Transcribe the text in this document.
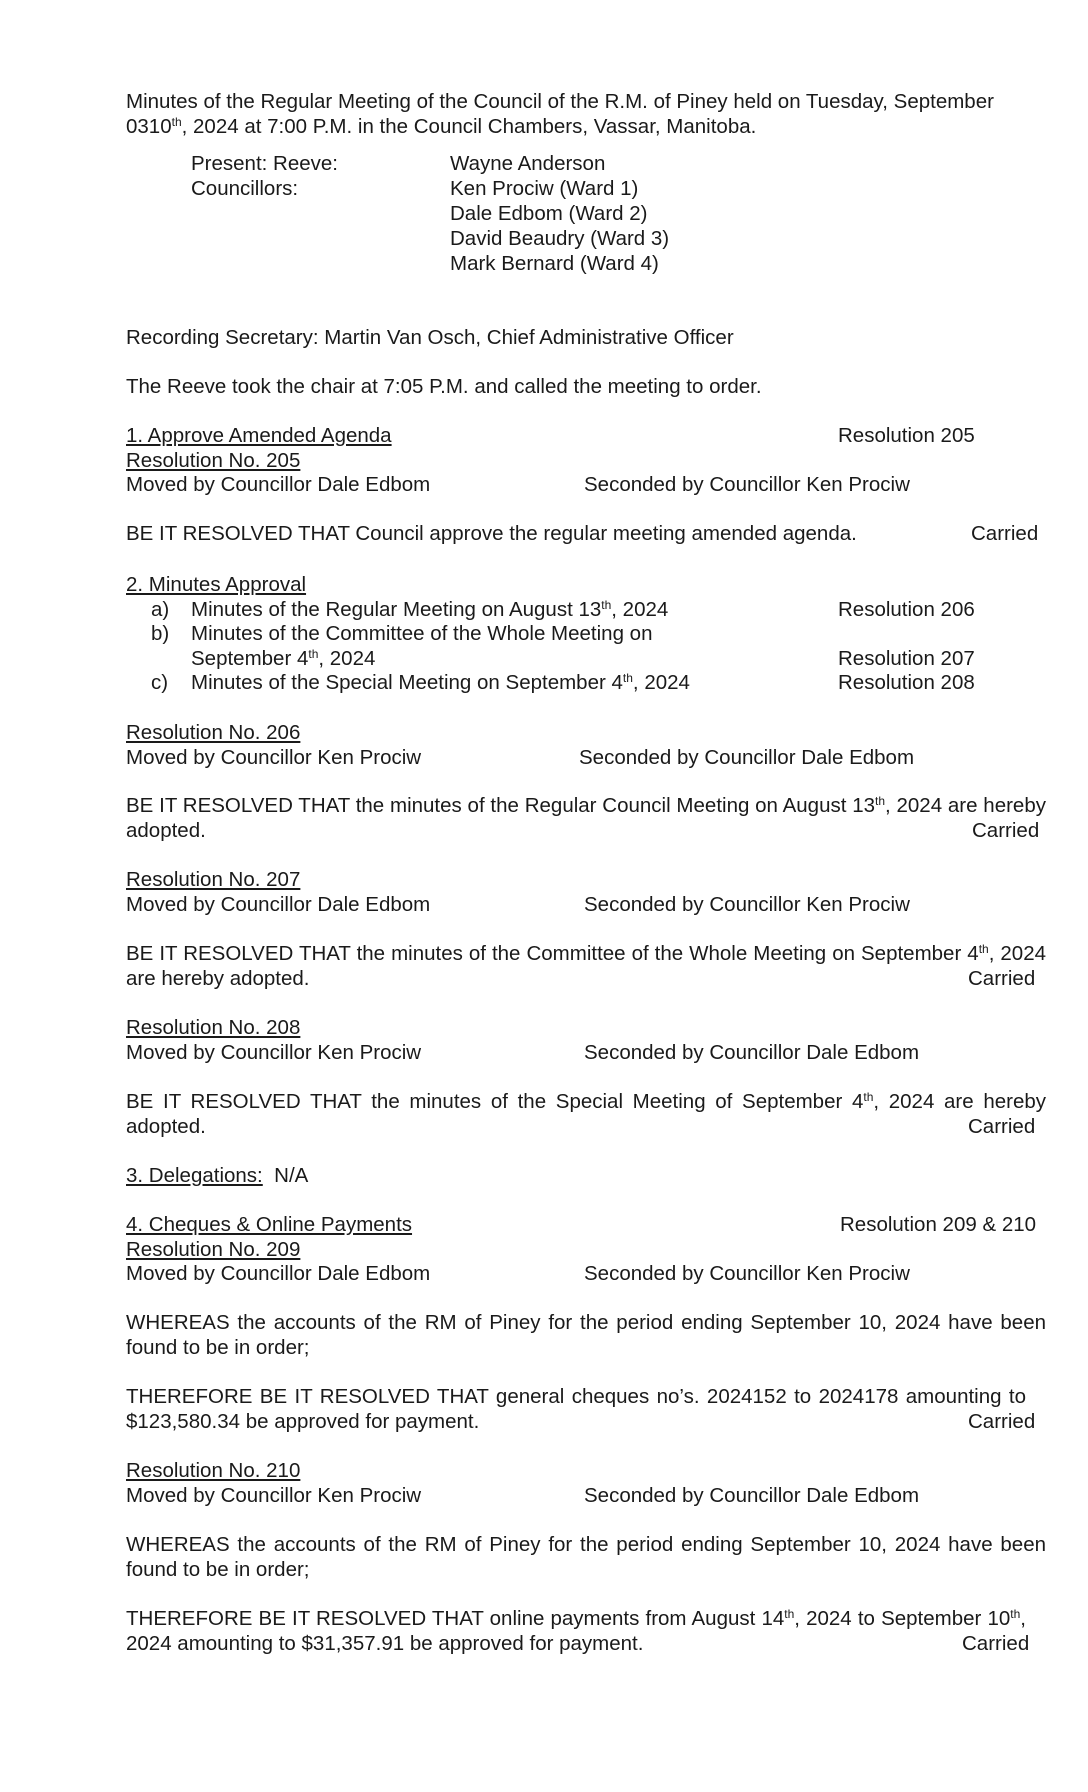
Minutes of the Regular Meeting of the Council of the R.M. of Piney held on Tuesday, September
0310th, 2024 at 7:00 P.M. in the Council Chambers, Vassar, Manitoba.
Present: Reeve:	Wayne Anderson
Councillors:	Ken Prociw (Ward 1)
Dale Edbom (Ward 2)
David Beaudry (Ward 3)
Mark Bernard (Ward 4)
Recording Secretary: Martin Van Osch, Chief Administrative Officer
The Reeve took the chair at 7:05 P.M. and called the meeting to order.
1. Approve Amended Agenda	Resolution 205
Resolution No. 205
Moved by Councillor Dale Edbom	Seconded by Councillor Ken Prociw
BE IT RESOLVED THAT Council approve the regular meeting amended agenda.	Carried
2. Minutes Approval
a) Minutes of the Regular Meeting on August 13th, 2024	Resolution 206
b) Minutes of the Committee of the Whole Meeting on
September 4th, 2024	Resolution 207
c) Minutes of the Special Meeting on September 4th, 2024	Resolution 208
Resolution No. 206
Moved by Councillor Ken Prociw	Seconded by Councillor Dale Edbom
BE IT RESOLVED THAT the minutes of the Regular Council Meeting on August 13th, 2024 are hereby adopted.	Carried
Resolution No. 207
Moved by Councillor Dale Edbom	Seconded by Councillor Ken Prociw
BE IT RESOLVED THAT the minutes of the Committee of the Whole Meeting on September 4th, 2024 are hereby adopted.	Carried
Resolution No. 208
Moved by Councillor Ken Prociw	Seconded by Councillor Dale Edbom
BE IT RESOLVED THAT the minutes of the Special Meeting of September 4th, 2024 are hereby adopted.	Carried
3. Delegations: N/A
4. Cheques & Online Payments	Resolution 209 & 210
Resolution No. 209
Moved by Councillor Dale Edbom	Seconded by Councillor Ken Prociw
WHEREAS the accounts of the RM of Piney for the period ending September 10, 2024 have been found to be in order;
THEREFORE BE IT RESOLVED THAT general cheques no’s. 2024152 to 2024178 amounting to $123,580.34 be approved for payment.	Carried
Resolution No. 210
Moved by Councillor Ken Prociw	Seconded by Councillor Dale Edbom
WHEREAS the accounts of the RM of Piney for the period ending September 10, 2024 have been found to be in order;
THEREFORE BE IT RESOLVED THAT online payments from August 14th, 2024 to September 10th, 2024 amounting to $31,357.91 be approved for payment.	Carried
